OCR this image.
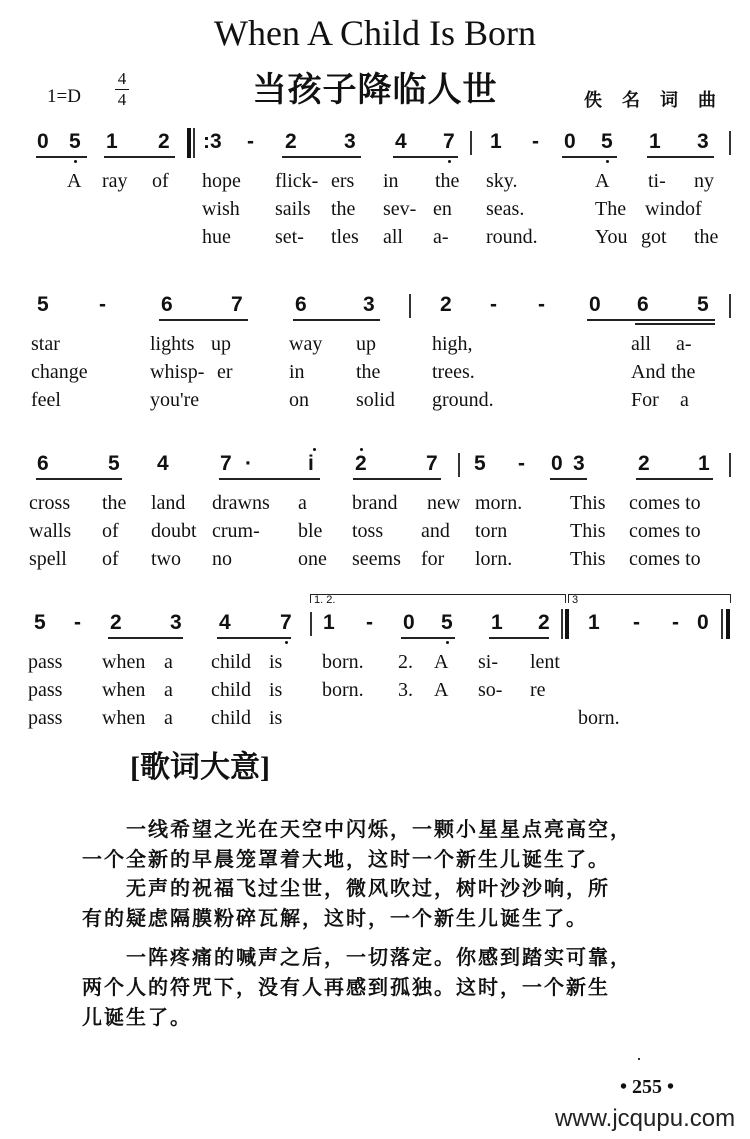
When A Child Is Born
当孩子降临人世
1=D
4
4	佚名词曲
0 5 1 2 :3 - 2 3 4 7 1 - 0 5 1 3
A ray of hope flick- ers in the sky.	A ti- ny
wish sails the sev- en seas.	The windof
hue set- tles all a- round.	You got the
5 -	6	7 6	3	2 - - 0 6 5
star	lights up	way up	high,	all a-
change	whisp- er	in	the	trees.	And the
feel	you're	on solid ground.	For a
6	5 4 7 ·	i 2	7 5 - 0 3	2 1
cross the land drawns a brand new morn. This comes to
walls of doubt crum- ble toss and torn	This comes to
spell of two no	one seems for lorn.	This comes to
5 - 2 3 4 7 1 - 0 5 1 2 1 - - 0
1. 2.	3
pass when a child is born. 2. A si- lent
pass when a child is born. 3. A so- re
pass when a child is	born.
[歌词大意]
　　一线希望之光在天空中闪烁，一颗小星星点亮高空，
一个全新的早晨笼罩着大地，这时一个新生儿诞生了。
　　无声的祝福飞过尘世，微风吹过，树叶沙沙响，所
有的疑虑隔膜粉碎瓦解，这时，一个新生儿诞生了。
　　一阵疼痛的喊声之后，一切落定。你感到踏实可靠，
两个人的符咒下，没有人再感到孤独。这时，一个新生
儿诞生了。
• 255 •
www.jcqupu.com
